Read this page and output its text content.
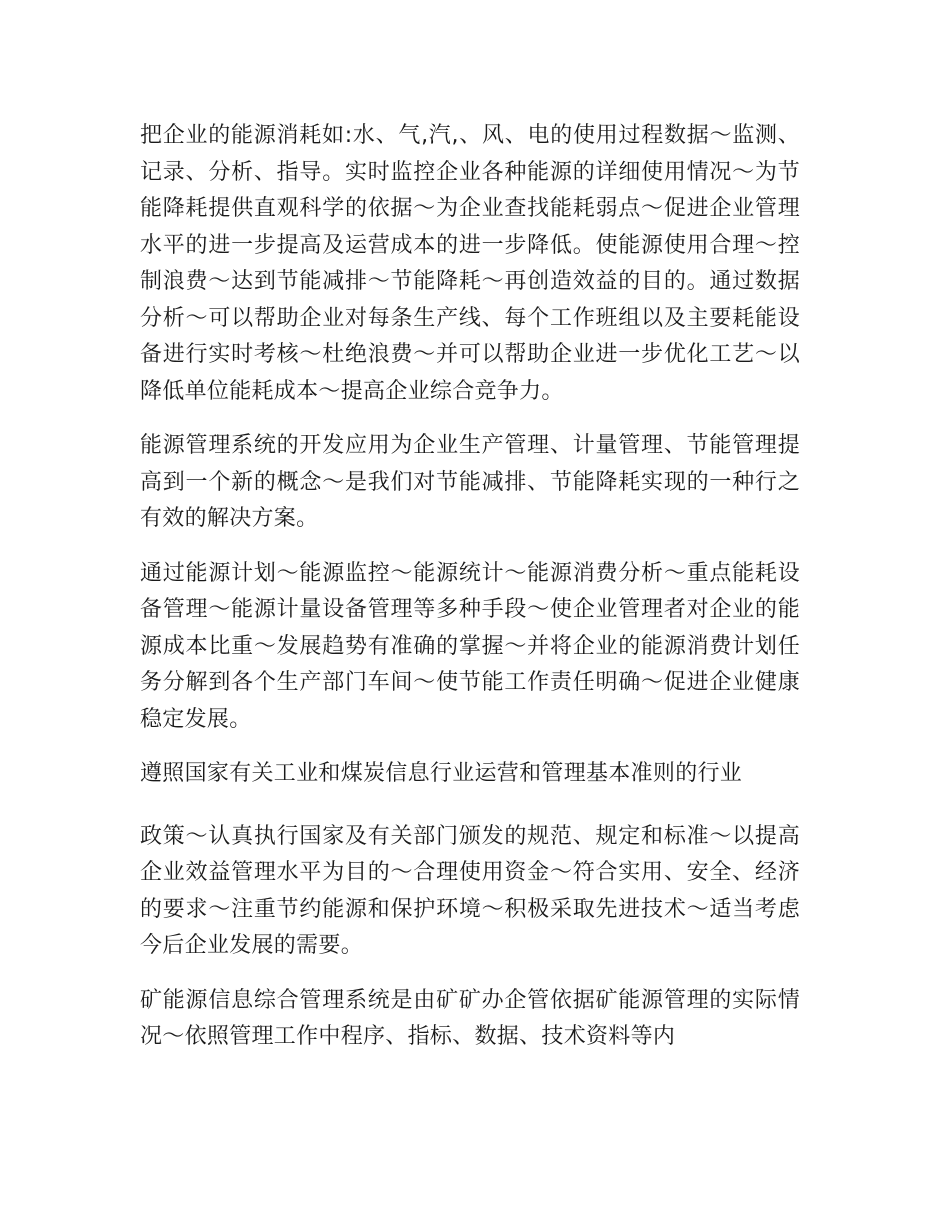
把企业的能源消耗如:水、气,汽,、风、电的使用过程数据～监测、记录、分析、指导。实时监控企业各种能源的详细使用情况～为节能降耗提供直观科学的依据～为企业查找能耗弱点～促进企业管理水平的进一步提高及运营成本的进一步降低。使能源使用合理～控制浪费～达到节能减排～节能降耗～再创造效益的目的。通过数据分析～可以帮助企业对每条生产线、每个工作班组以及主要耗能设备进行实时考核～杜绝浪费～并可以帮助企业进一步优化工艺～以降低单位能耗成本～提高企业综合竞争力。

能源管理系统的开发应用为企业生产管理、计量管理、节能管理提高到一个新的概念～是我们对节能减排、节能降耗实现的一种行之有效的解决方案。

通过能源计划～能源监控～能源统计～能源消费分析～重点能耗设备管理～能源计量设备管理等多种手段～使企业管理者对企业的能源成本比重～发展趋势有准确的掌握～并将企业的能源消费计划任务分解到各个生产部门车间～使节能工作责任明确～促进企业健康稳定发展。

遵照国家有关工业和煤炭信息行业运营和管理基本准则的行业

政策～认真执行国家及有关部门颁发的规范、规定和标准～以提高企业效益管理水平为目的～合理使用资金～符合实用、安全、经济的要求～注重节约能源和保护环境～积极采取先进技术～适当考虑今后企业发展的需要。

矿能源信息综合管理系统是由矿矿办企管依据矿能源管理的实际情况～依照管理工作中程序、指标、数据、技术资料等内
